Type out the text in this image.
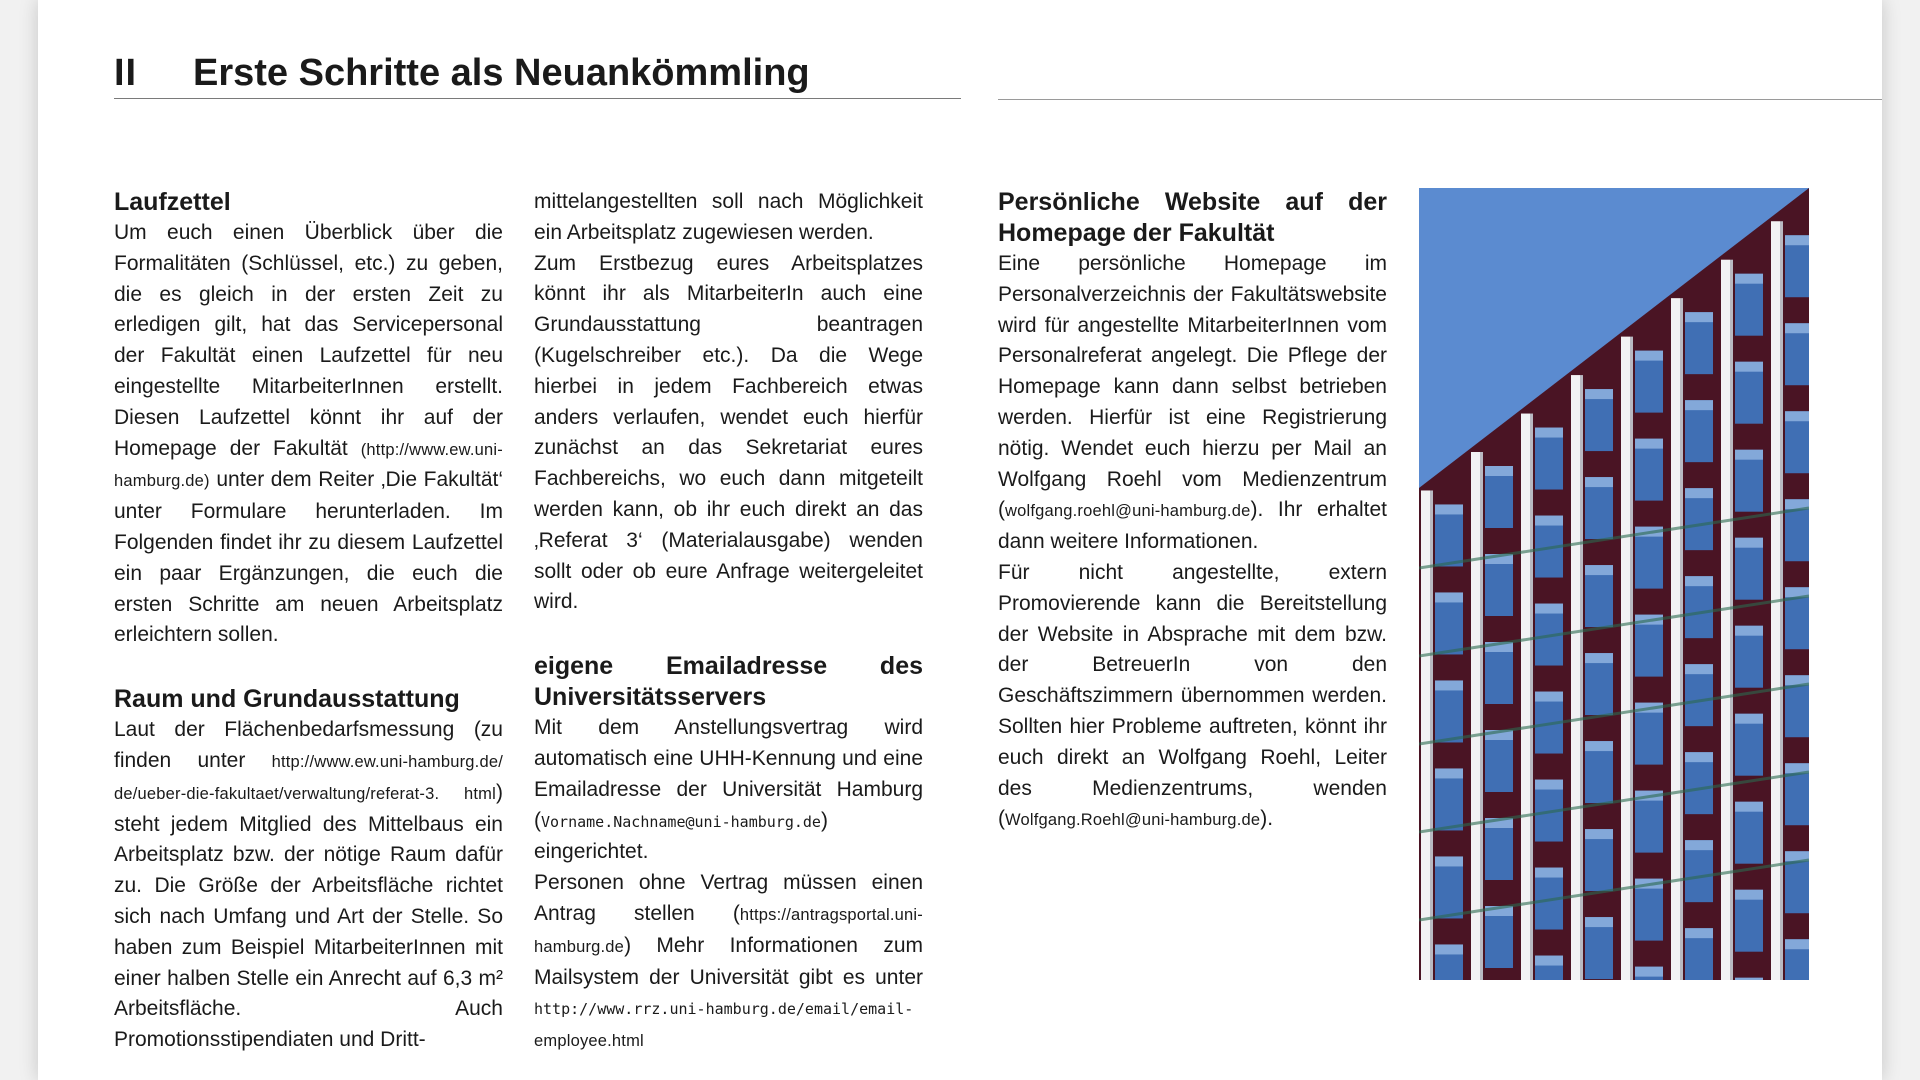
II Erste Schritte als Neuankömmling
Laufzettel

Um euch einen Überblick über die Formalitäten (Schlüssel, etc.) zu geben, die es gleich in der ersten Zeit zu erledigen gilt, hat das Servicepersonal der Fakultät einen Laufzettel für neu eingestellte MitarbeiterInnen erstellt. Diesen Laufzettel könnt ihr auf der Homepage der Fakultät (http://www.ew.uni-hamburg.de) unter dem Reiter ‚Die Fakultät‘ unter Formulare herunterladen. Im Folgenden findet ihr zu diesem Laufzettel ein paar Ergänzungen, die euch die ersten Schritte am neuen Arbeitsplatz erleichtern sollen.

Raum und Grundausstattung

Laut der Flächenbedarfsmessung (zu finden unter http://www.ew.uni-hamburg.de/ de/ueber-die-fakultaet/verwaltung/referat-3. html) steht jedem Mitglied des Mittelbaus ein Arbeitsplatz bzw. der nötige Raum dafür zu. Die Größe der Arbeitsfläche richtet sich nach Umfang und Art der Stelle. So haben zum Beispiel MitarbeiterInnen mit einer halben Stelle ein Anrecht auf 6,3 m² Arbeitsfläche. Auch Promotionsstipendiaten und Dritt-

mittelangestellten soll nach Möglichkeit ein Arbeitsplatz zugewiesen werden.

Zum Erstbezug eures Arbeitsplatzes könnt ihr als MitarbeiterIn auch eine Grundausstattung beantragen (Kugelschreiber etc.). Da die Wege hierbei in jedem Fachbereich etwas anders verlaufen, wendet euch hierfür zunächst an das Sekretariat eures Fachbereichs, wo euch dann mitgeteilt werden kann, ob ihr euch direkt an das ‚Referat 3‘ (Materialausgabe) wenden sollt oder ob eure Anfrage weitergeleitet wird.

eigene Emailadresse des Universitätsservers

Mit dem Anstellungsvertrag wird automatisch eine UHH-Kennung und eine Emailadresse der Universität Hamburg (Vorname.Nachname@uni-hamburg.de) eingerichtet.

Personen ohne Vertrag müssen einen Antrag stellen (https://antragsportal.uni-hamburg.de) Mehr Informationen zum Mailsystem der Universität gibt es unter http://www.rrz.uni-hamburg.de/email/email- employee.html

Persönliche Website auf der Homepage der Fakultät

Eine persönliche Homepage im Personalverzeichnis der Fakultätswebsite wird für angestellte MitarbeiterInnen vom Personalreferat angelegt. Die Pflege der Homepage kann dann selbst betrieben werden. Hierfür ist eine Registrierung nötig. Wendet euch hierzu per Mail an Wolfgang Roehl vom Medienzentrum (wolfgang.roehl@uni-hamburg.de). Ihr erhaltet dann weitere Informationen.

Für nicht angestellte, extern Promovierende kann die Bereitstellung der Website in Absprache mit dem bzw. der BetreuerIn von den Geschäftszimmern übernommen werden. Sollten hier Probleme auftreten, könnt ihr euch direkt an Wolfgang Roehl, Leiter des Medienzentrums, wenden (Wolfgang.Roehl@uni-hamburg.de).
